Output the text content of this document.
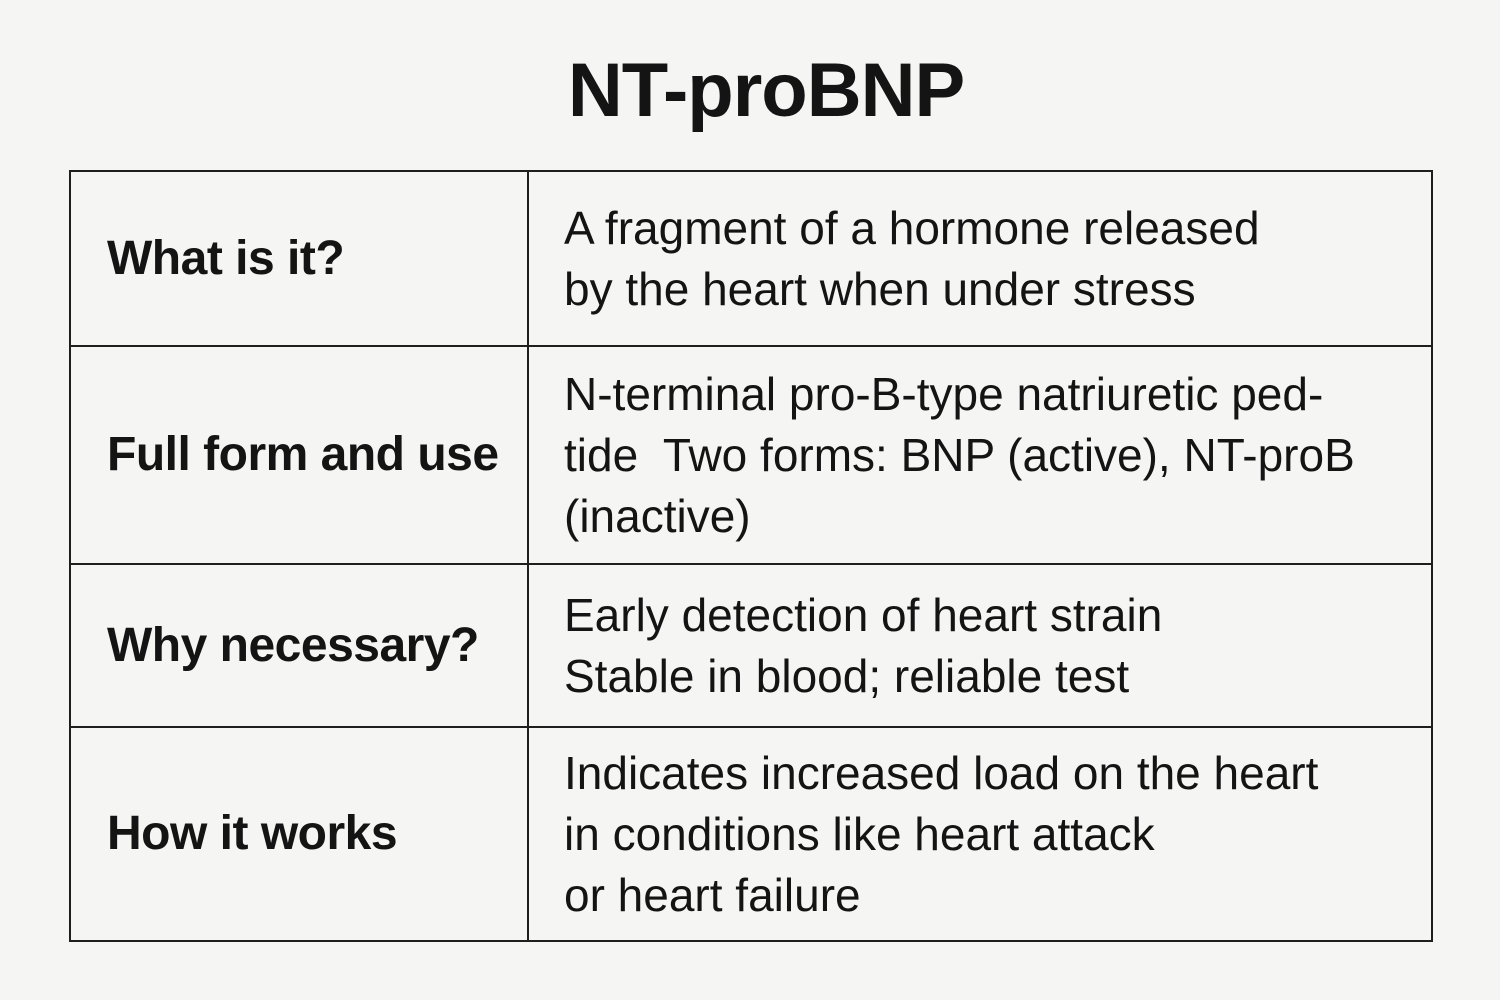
NT-proBNP
What is it?
A fragment of a hormone released
by the heart when under stress
Full form and use
N-terminal pro-B-type natriuretic ped-
tide  Two forms: BNP (active), NT-proB
(inactive)
Why necessary?
Early detection of heart strain
Stable in blood; reliable test
How it works
Indicates increased load on the heart
in conditions like heart attack
or heart failure
